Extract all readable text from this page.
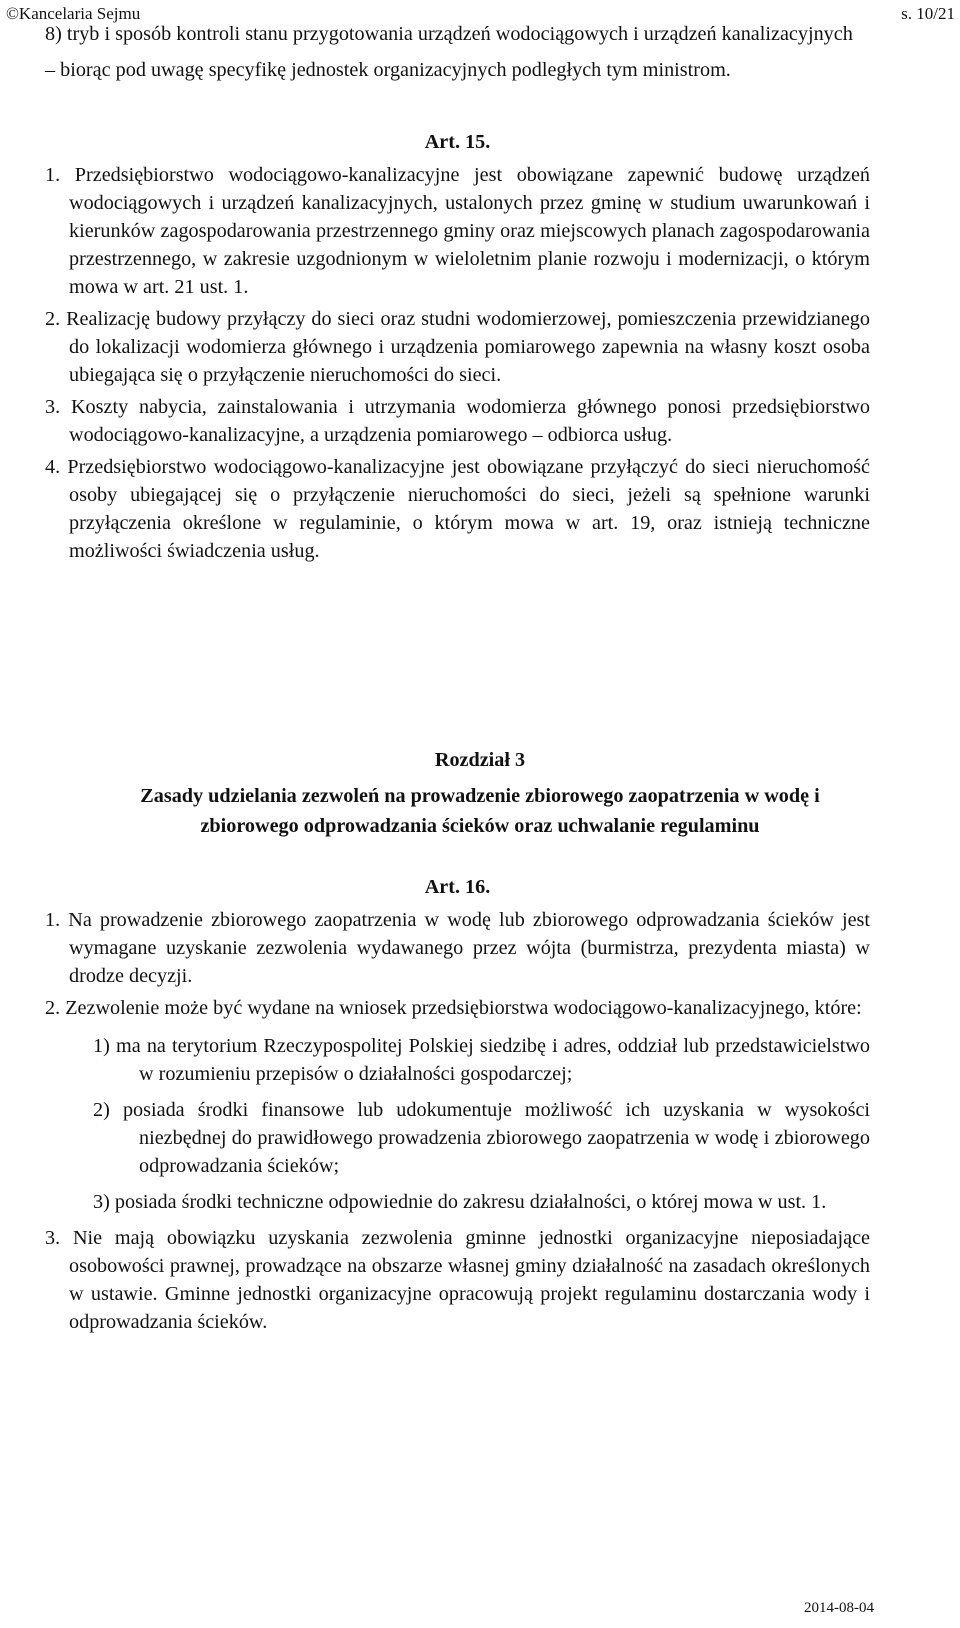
©Kancelaria Sejmu	s. 10/21

8) tryb i sposób kontroli stanu przygotowania urządzeń wodociągowych i urządzeń kanalizacyjnych

– biorąc pod uwagę specyfikę jednostek organizacyjnych podległych tym ministrom.

Art. 15.

1. Przedsiębiorstwo wodociągowo-kanalizacyjne jest obowiązane zapewnić budowę urządzeń wodociągowych i urządzeń kanalizacyjnych, ustalonych przez gminę w studium uwarunkowań i kierunków zagospodarowania przestrzennego gminy oraz miejscowych planach zagospodarowania przestrzennego, w zakresie uzgodnionym w wieloletnim planie rozwoju i modernizacji, o którym mowa w art. 21 ust. 1.

2. Realizację budowy przyłączy do sieci oraz studni wodomierzowej, pomieszczenia przewidzianego do lokalizacji wodomierza głównego i urządzenia pomiarowego zapewnia na własny koszt osoba ubiegająca się o przyłączenie nieruchomości do sieci.

3. Koszty nabycia, zainstalowania i utrzymania wodomierza głównego ponosi przedsiębiorstwo wodociągowo-kanalizacyjne, a urządzenia pomiarowego – odbiorca usług.

4. Przedsiębiorstwo wodociągowo-kanalizacyjne jest obowiązane przyłączyć do sieci nieruchomość osoby ubiegającej się o przyłączenie nieruchomości do sieci, jeżeli są spełnione warunki przyłączenia określone w regulaminie, o którym mowa w art. 19, oraz istnieją techniczne możliwości świadczenia usług.

Rozdział 3
Zasady udzielania zezwoleń na prowadzenie zbiorowego zaopatrzenia w wodę i
zbiorowego odprowadzania ścieków oraz uchwalanie regulaminu
Art. 16.

1. Na prowadzenie zbiorowego zaopatrzenia w wodę lub zbiorowego odprowadzania ścieków jest wymagane uzyskanie zezwolenia wydawanego przez wójta (burmistrza, prezydenta miasta) w drodze decyzji.

2. Zezwolenie może być wydane na wniosek przedsiębiorstwa wodociągowo-kanalizacyjnego, które:

1) ma na terytorium Rzeczypospolitej Polskiej siedzibę i adres, oddział lub przedstawicielstwo w rozumieniu przepisów o działalności gospodarczej;

2) posiada środki finansowe lub udokumentuje możliwość ich uzyskania w wysokości niezbędnej do prawidłowego prowadzenia zbiorowego zaopatrzenia w wodę i zbiorowego odprowadzania ścieków;

3) posiada środki techniczne odpowiednie do zakresu działalności, o której mowa w ust. 1.

3. Nie mają obowiązku uzyskania zezwolenia gminne jednostki organizacyjne nieposiadające osobowości prawnej, prowadzące na obszarze własnej gminy działalność na zasadach określonych w ustawie. Gminne jednostki organizacyjne opracowują projekt regulaminu dostarczania wody i odprowadzania ścieków.

2014-08-04
